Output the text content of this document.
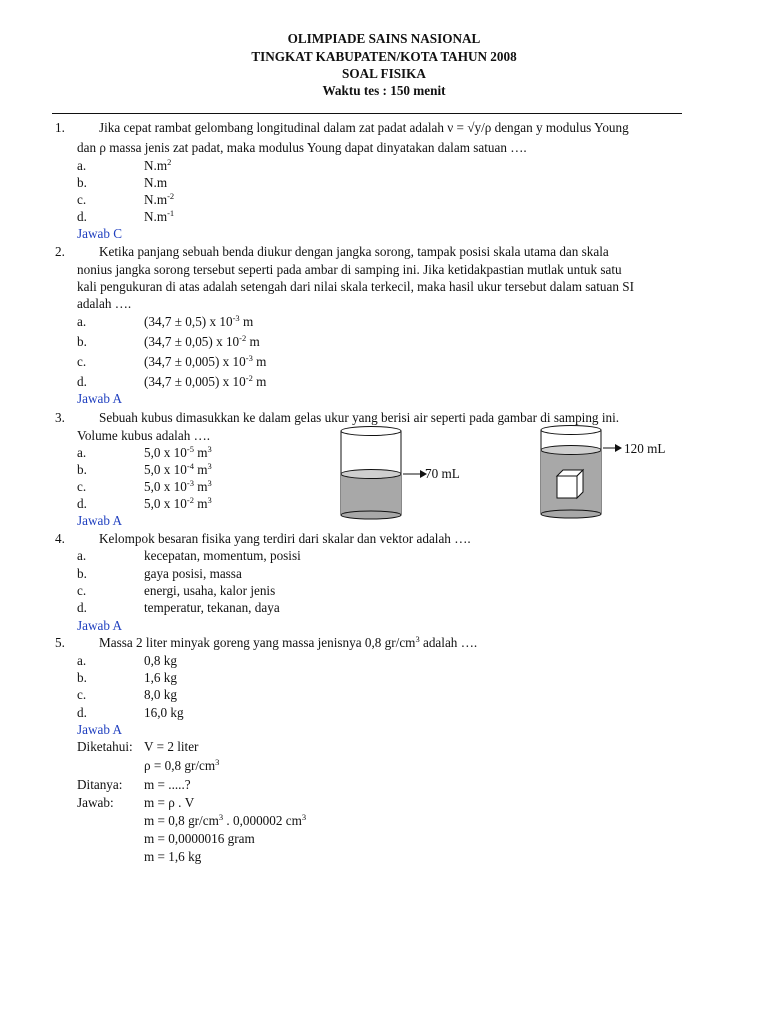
OLIMPIADE SAINS NASIONAL
TINGKAT KABUPATEN/KOTA TAHUN 2008
SOAL FISIKA
Waktu tes : 150 menit
1.	Jika cepat rambat gelombang longitudinal dalam zat padat adalah ν = √y/ρ dengan y modulus Young
dan ρ massa jenis zat padat, maka modulus Young dapat dinyatakan dalam satuan ….
a.	$N.m^2$
b.	N.m
c.	$N.m^{-2}$
d.	$N.m^{-1}$
Jawab C
2.	Ketika panjang sebuah benda diukur dengan jangka sorong, tampak posisi skala utama dan skala
nonius jangka sorong tersebut seperti pada ambar di samping ini. Jika ketidakpastian mutlak untuk satu
kali pengukuran di atas adalah setengah dari nilai skala terkecil, maka hasil ukur tersebut dalam satuan SI
adalah ….
a.	(34,7 ± 0,5) x $10^{-3}$ m
b.	(34,7 ± 0,05) x $10^{-2}$ m
c.	(34,7 ± 0,005) x $10^{-3}$ m
d.	(34,7 ± 0,005) x $10^{-2}$ m
Jawab A
3.	Sebuah kubus dimasukkan ke dalam gelas ukur yang berisi air seperti pada gambar di samping ini.
Volume kubus adalah ….
a.	5,0 x $10^{-5}$ $m^3$
b.	5,0 x $10^{-4}$ $m^3$
c.	5,0 x $10^{-3}$ $m^3$
d.	5,0 x $10^{-2}$ $m^3$
Jawab A
70 mL
120 mL
4.	Kelompok besaran fisika yang terdiri dari skalar dan vektor adalah ….
a.	kecepatan, momentum, posisi
b.	gaya posisi, massa
c.	energi, usaha, kalor jenis
d.	temperatur, tekanan, daya
Jawab A
5.	Massa 2 liter minyak goreng yang massa jenisnya 0,8 $gr/cm^3$ adalah ….
a.	0,8 kg
b.	1,6 kg
c.	8,0 kg
d.	16,0 kg
Jawab A
Diketahui: V = 2 liter
ρ = 0,8 $gr/cm^3$
Ditanya: m = .....?
Jawab: m = ρ . V
m = 0,8 $gr/cm^3$ . 0,000002 $cm^3$
m = 0,0000016 gram
m = 1,6 kg
